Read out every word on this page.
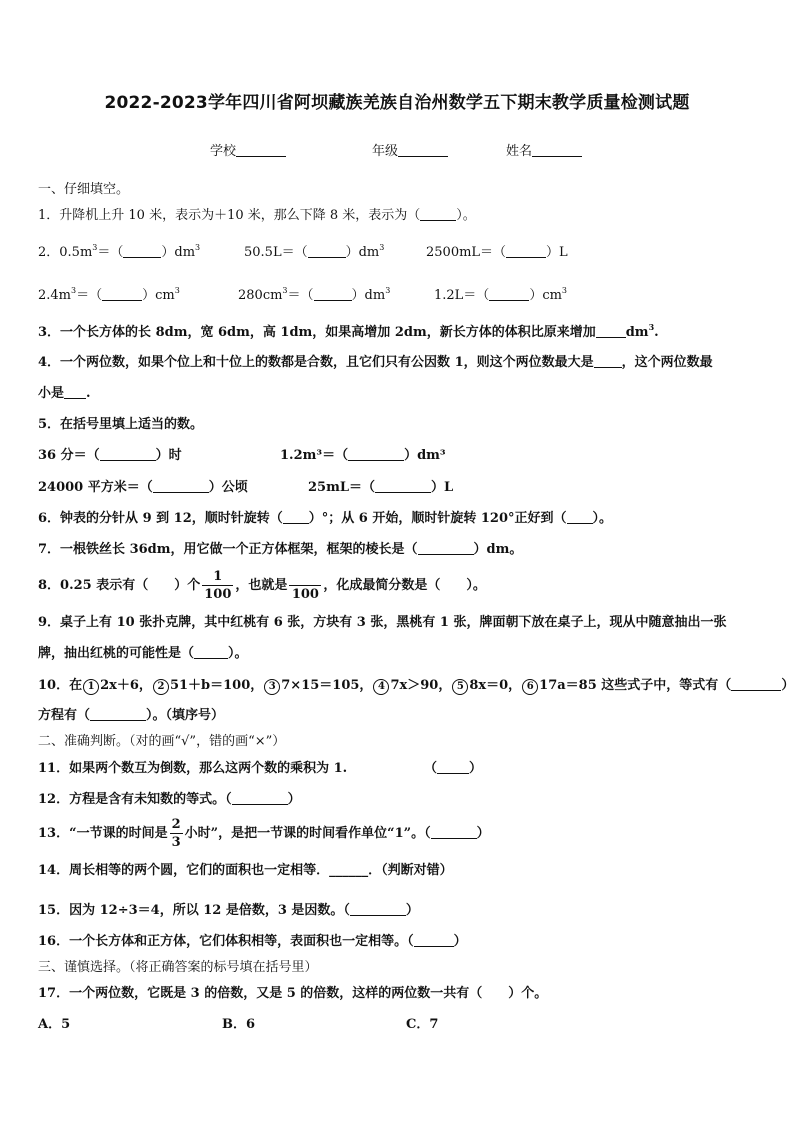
2022-2023学年四川省阿坝藏族羌族自治州数学五下期末教学质量检测试题
学校	年级	姓名
一、仔细填空。
1．升降机上升 10 米，表示为＋10 米，那么下降 8 米，表示为（	）。
2．$0.5m^3=$（	）$dm^3$	50.5L＝（	）$dm^3$	2500mL＝（	）L
$2.4m^3=$（	）$cm^3$	$280cm^3=$（	）$dm^3$	1.2L＝（	）$cm^3$
3．一个长方体的长 8dm，宽 6dm，高 1dm，如果高增加 2dm，新长方体的体积比原来增加 $dm^3$.
4．一个两位数，如果个位上和十位上的数都是合数，且它们只有公因数 1，则这个两位数最大是 ，这个两位数最
小是 .
5．在括号里填上适当的数。
36 分＝（	）时	1.2m³＝（	）dm³
24000 平方米＝（	）公顷	25mL＝（	）L
6．钟表的分针从 9 到 12，顺时针旋转（ ）°；从 6 开始，顺时针旋转 120°正好到（ ）。
7．一根铁丝长 36dm，用它做一个正方体框架，框架的棱长是（	）dm。
8．0.25 表示有（　　）个 $\frac{1}{100}$ ，也就是
100
，化成最简分数是（　　）。
9．桌子上有 10 张扑克牌，其中红桃有 6 张，方块有 3 张，黑桃有 1 张，牌面朝下放在桌子上，现从中随意抽出一张
牌，抽出红桃的可能性是（	）。
10．在 1 2x＋6， 2 51＋b＝100， 3 7×15＝105， 4 7x＞90， 5 8x＝0， 6 17a＝85 这些式子中，等式有（	）
方程有（	）。（填序号）
二、准确判断。（对的画“√”，错的画“×”）
11．如果两个数互为倒数，那么这两个数的乘积为 1.	（ ）
12．方程是含有未知数的等式。（	）
13．“一节课的时间是 $\frac{2}{3}$ 小时”，是把一节课的时间看作单位“1”。（	）
14．周长相等的两个圆，它们的面积也一定相等．______．（判断对错）
15．因为 12÷3＝4，所以 12 是倍数，3 是因数。（	）
16．一个长方体和正方体，它们体积相等，表面积也一定相等。（	）
三、谨慎选择。（将正确答案的标号填在括号里）
17．一个两位数，它既是 3 的倍数，又是 5 的倍数，这样的两位数一共有（　　）个。
A．5	B．6	C．7
